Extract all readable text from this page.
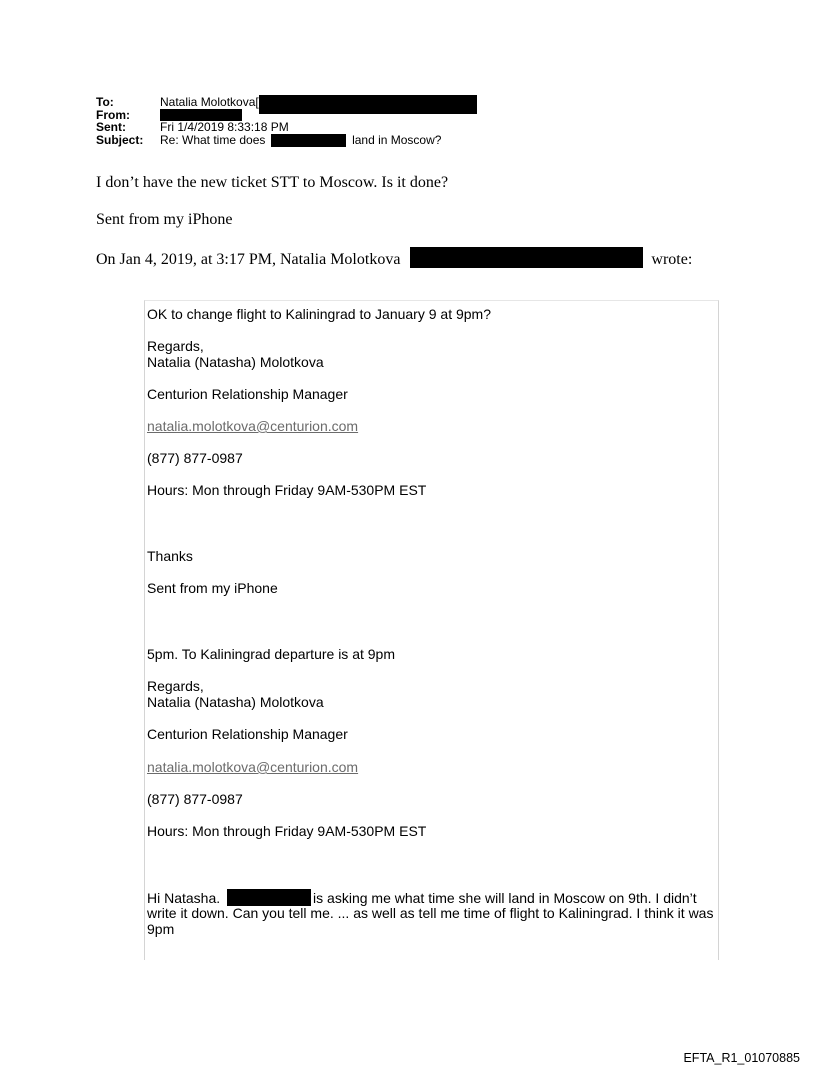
To:	Natalia Molotkova[
From:
Sent:	Fri 1/4/2019 8:33:18 PM
Subject: Re: What time does	land in Moscow?
I don’t have the new ticket STT to Moscow. Is it done?
Sent from my iPhone
On Jan 4, 2019, at 3:17 PM, Natalia Molotkova	wrote:
OK to change flight to Kaliningrad to January 9 at 9pm?
Regards,
Natalia (Natasha) Molotkova
Centurion Relationship Manager
natalia.molotkova@centurion.com
(877) 877-0987
Hours: Mon through Friday 9AM-530PM EST
Thanks
Sent from my iPhone
5pm. To Kaliningrad departure is at 9pm
Regards,
Natalia (Natasha) Molotkova
Centurion Relationship Manager
natalia.molotkova@centurion.com
(877) 877-0987
Hours: Mon through Friday 9AM-530PM EST
Hi Natasha.	is asking me what time she will land in Moscow on 9th. I didn’t
write it down. Can you tell me. ... as well as tell me time of flight to Kaliningrad. I think it was
9pm
EFTA_R1_01070885
